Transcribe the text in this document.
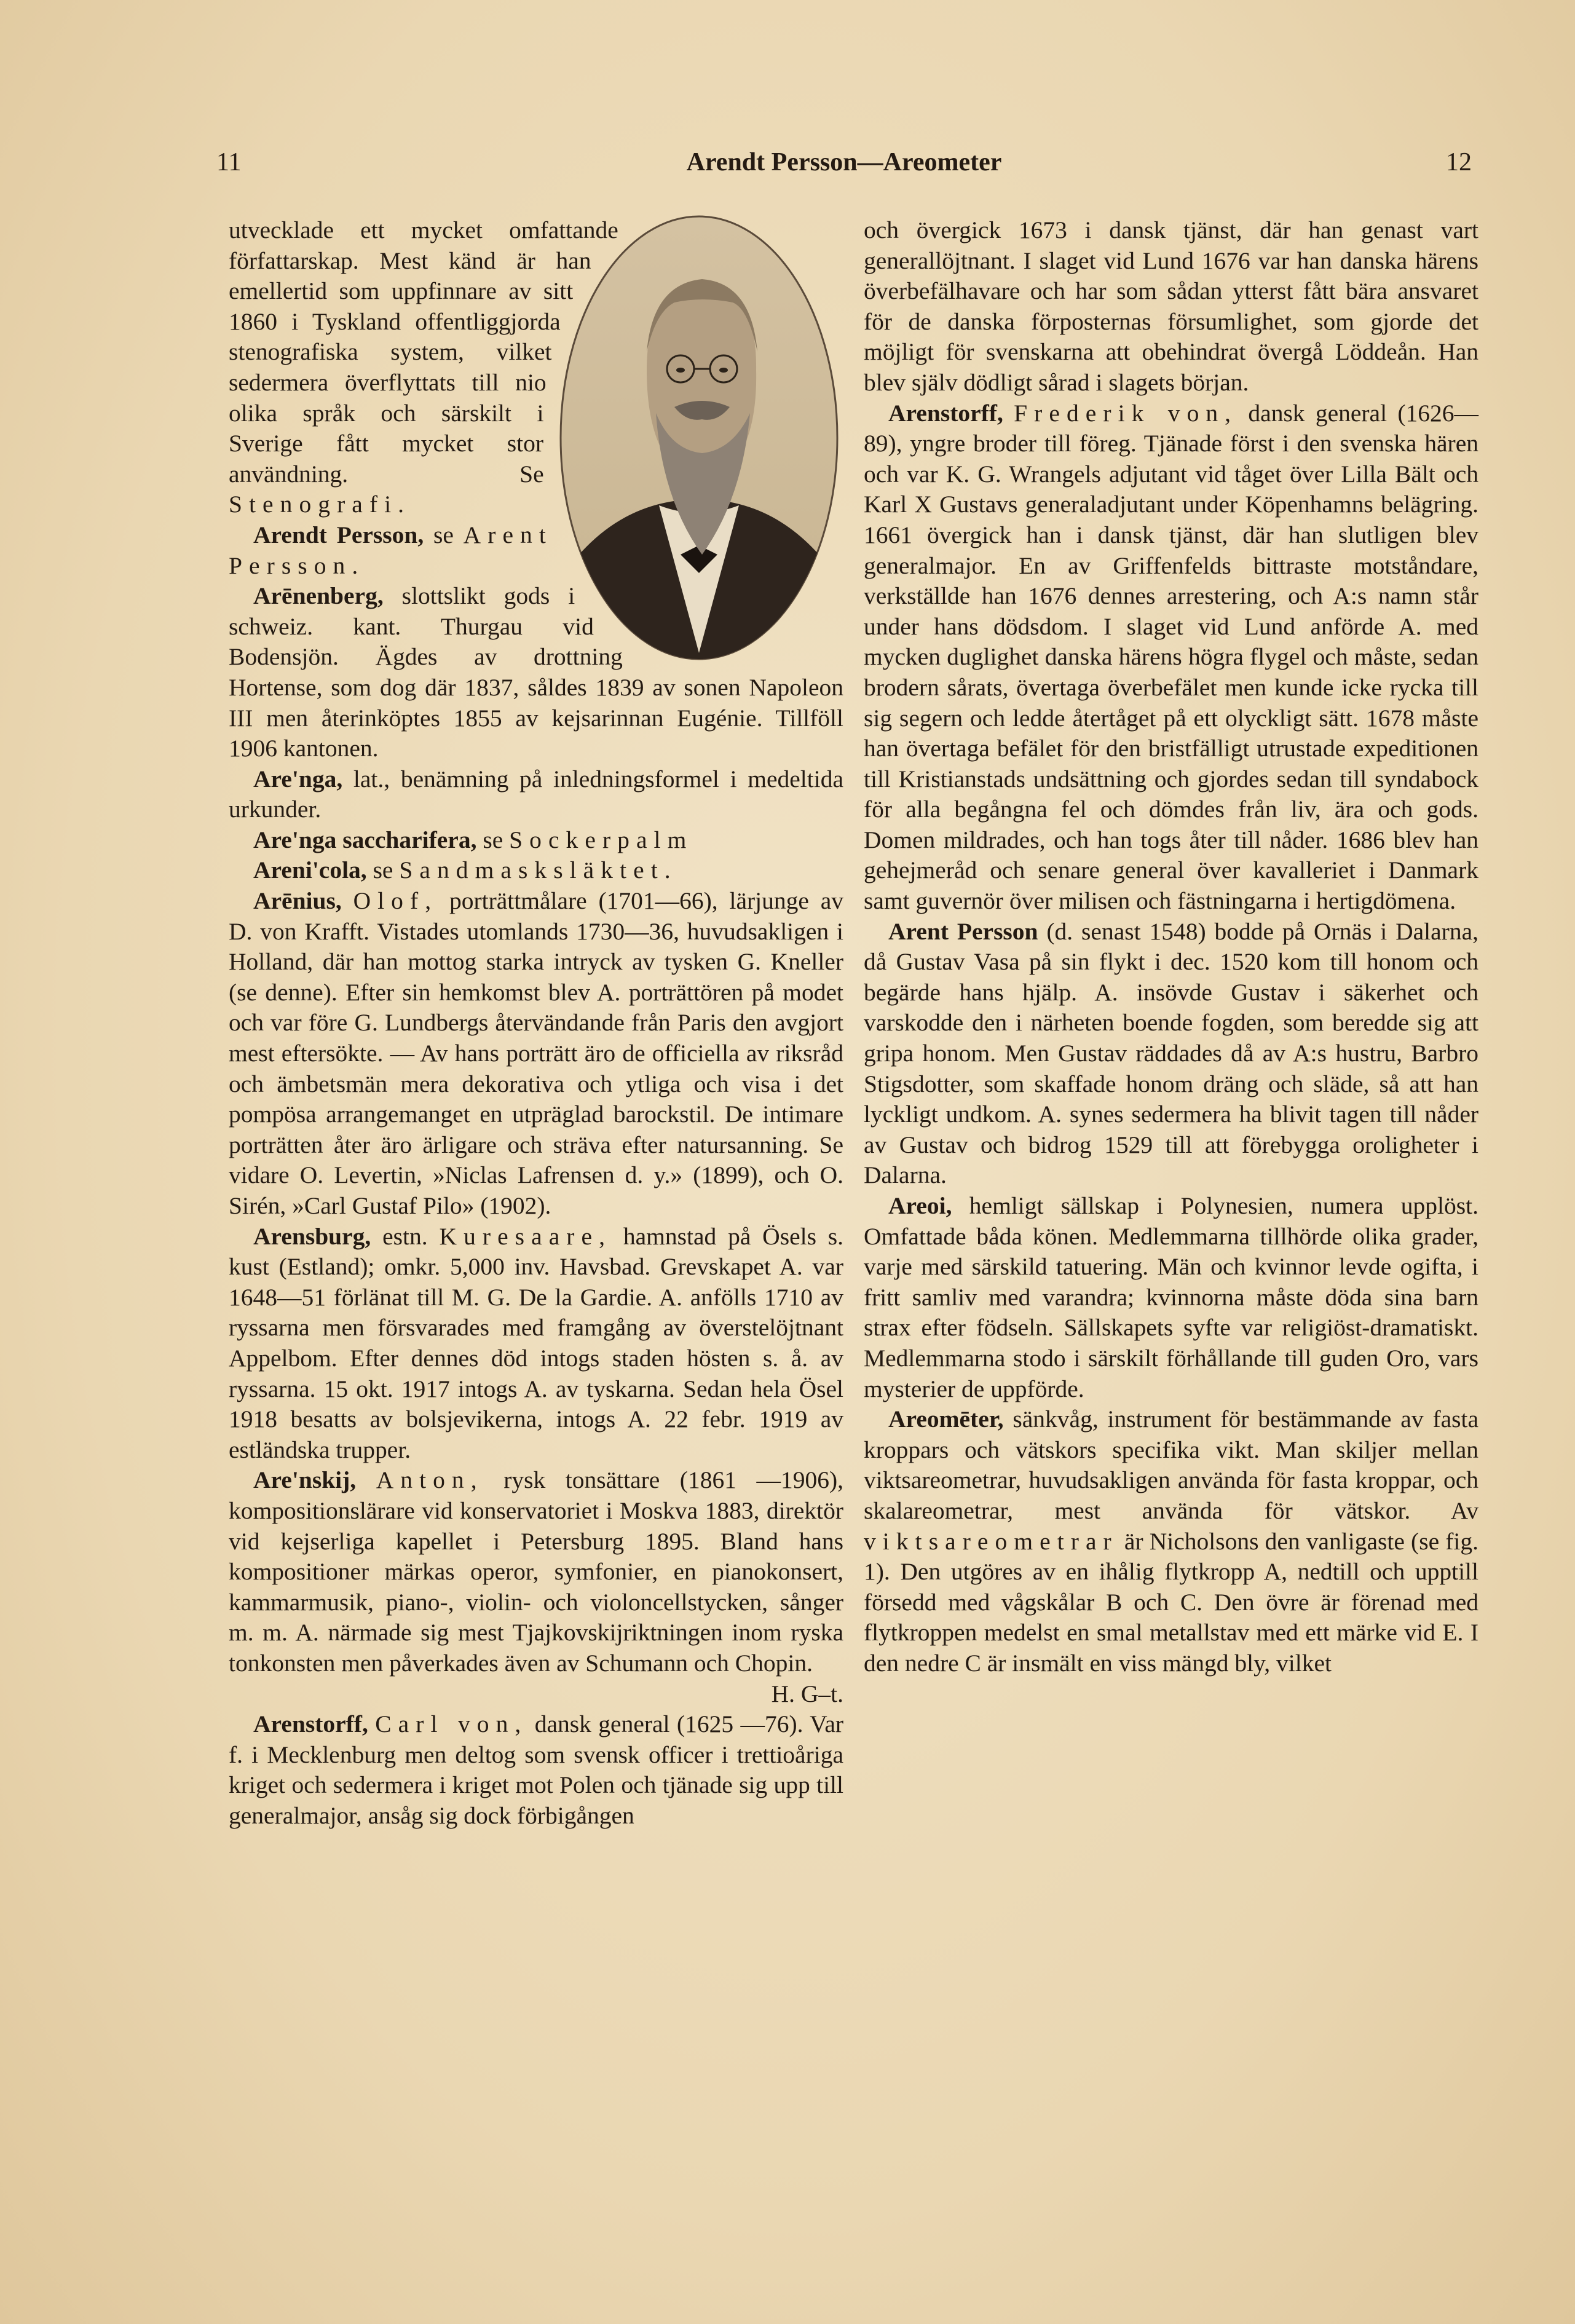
11	Arendt Persson—Areometer	12

utvecklade ett mycket omfattande författarskap. Mest känd är han emellertid som uppfinnare av sitt 1860 i Tyskland offentliggjorda stenografiska system, vilket sedermera överflyttats till nio olika språk och särskilt i Sverige fått mycket stor användning. Se Stenografi.

Arendt Persson, se Arent Persson.

Arēnenberg, slottslikt gods i schweiz. kant. Thurgau vid Bodensjön. Ägdes av drottning Hortense, som dog där 1837, såldes 1839 av sonen Napoleon III men återinköptes 1855 av kejsarinnan Eugénie. Tillföll 1906 kantonen.

Are'nga, lat., benämning på inledningsformel i medeltida urkunder.

Are'nga saccharifera, se Sockerpalm

Areni'cola, se Sandmasksläktet.

Arēnius, Olof, porträttmålare (1701—66), lärjunge av D. von Krafft. Vistades utomlands 1730—36, huvudsakligen i Holland, där han mottog starka intryck av tysken G. Kneller (se denne). Efter sin hemkomst blev A. porträttören på modet och var före G. Lundbergs återvändande från Paris den avgjort mest eftersökte. — Av hans porträtt äro de officiella av riksråd och ämbetsmän mera dekorativa och ytliga och visa i det pompösa arrangemanget en utpräglad barockstil. De intimare porträtten åter äro ärligare och sträva efter natursanning. Se vidare O. Levertin, »Niclas Lafrensen d. y.» (1899), och O. Sirén, »Carl Gustaf Pilo» (1902).

Arensburg, estn. Kuresaare, hamnstad på Ösels s. kust (Estland); omkr. 5,000 inv. Havsbad. Grevskapet A. var 1648—51 förlänat till M. G. De la Gardie. A. anfölls 1710 av ryssarna men försvarades med framgång av överstelöjtnant Appelbom. Efter dennes död intogs staden hösten s. å. av ryssarna. 15 okt. 1917 intogs A. av tyskarna. Sedan hela Ösel 1918 besatts av bolsjevikerna, intogs A. 22 febr. 1919 av estländska trupper.

Are'nskij, Anton, rysk tonsättare (1861 —1906), kompositionslärare vid konservatoriet i Moskva 1883, direktör vid kejserliga kapellet i Petersburg 1895. Bland hans kompositioner märkas operor, symfonier, en pianokonsert, kammarmusik, piano-, violin- och violoncellstycken, sånger m. m. A. närmade sig mest Tjajkovskijriktningen inom ryska tonkonsten men påverkades även av Schumann och Chopin.
H. G–t.

Arenstorff, Carl von, dansk general (1625 —76). Var f. i Mecklenburg men deltog som svensk officer i trettioåriga kriget och sedermera i kriget mot Polen och tjänade sig upp till generalmajor, ansåg sig dock förbigången

och övergick 1673 i dansk tjänst, där han genast vart generallöjtnant. I slaget vid Lund 1676 var han danska härens överbefälhavare och har som sådan ytterst fått bära ansvaret för de danska förposternas försumlighet, som gjorde det möjligt för svenskarna att obehindrat övergå Löddeån. Han blev själv dödligt sårad i slagets början.

Arenstorff, Frederik von, dansk general (1626—89), yngre broder till föreg. Tjänade först i den svenska hären och var K. G. Wrangels adjutant vid tåget över Lilla Bält och Karl X Gustavs generaladjutant under Köpenhamns belägring. 1661 övergick han i dansk tjänst, där han slutligen blev generalmajor. En av Griffenfelds bittraste motståndare, verkställde han 1676 dennes arrestering, och A:s namn står under hans dödsdom. I slaget vid Lund anförde A. med mycken duglighet danska härens högra flygel och måste, sedan brodern sårats, övertaga överbefälet men kunde icke rycka till sig segern och ledde återtåget på ett olyckligt sätt. 1678 måste han övertaga befälet för den bristfälligt utrustade expeditionen till Kristianstads undsättning och gjordes sedan till syndabock för alla begångna fel och dömdes från liv, ära och gods. Domen mildrades, och han togs åter till nåder. 1686 blev han gehejmeråd och senare general över kavalleriet i Danmark samt guvernör över milisen och fästningarna i hertigdömena.

Arent Persson (d. senast 1548) bodde på Ornäs i Dalarna, då Gustav Vasa på sin flykt i dec. 1520 kom till honom och begärde hans hjälp. A. insövde Gustav i säkerhet och varskodde den i närheten boende fogden, som beredde sig att gripa honom. Men Gustav räddades då av A:s hustru, Barbro Stigsdotter, som skaffade honom dräng och släde, så att han lyckligt undkom. A. synes sedermera ha blivit tagen till nåder av Gustav och bidrog 1529 till att förebygga oroligheter i Dalarna.

Areoi, hemligt sällskap i Polynesien, numera upplöst. Omfattade båda könen. Medlemmarna tillhörde olika grader, varje med särskild tatuering. Män och kvinnor levde ogifta, i fritt samliv med varandra; kvinnorna måste döda sina barn strax efter födseln. Sällskapets syfte var religiöst-dramatiskt. Medlemmarna stodo i särskilt förhållande till guden Oro, vars mysterier de uppförde.

Areomēter, sänkvåg, instrument för bestämmande av fasta kroppars och vätskors specifika vikt. Man skiljer mellan viktsareometrar, huvudsakligen använda för fasta kroppar, och skalareometrar, mest använda för vätskor. Av viktsareometrar är Nicholsons den vanligaste (se fig. 1). Den utgöres av en ihålig flytkropp A, nedtill och upptill försedd med vågskålar B och C. Den övre är förenad med flytkroppen medelst en smal metallstav med ett märke vid E. I den nedre C är insmält en viss mängd bly, vilket
